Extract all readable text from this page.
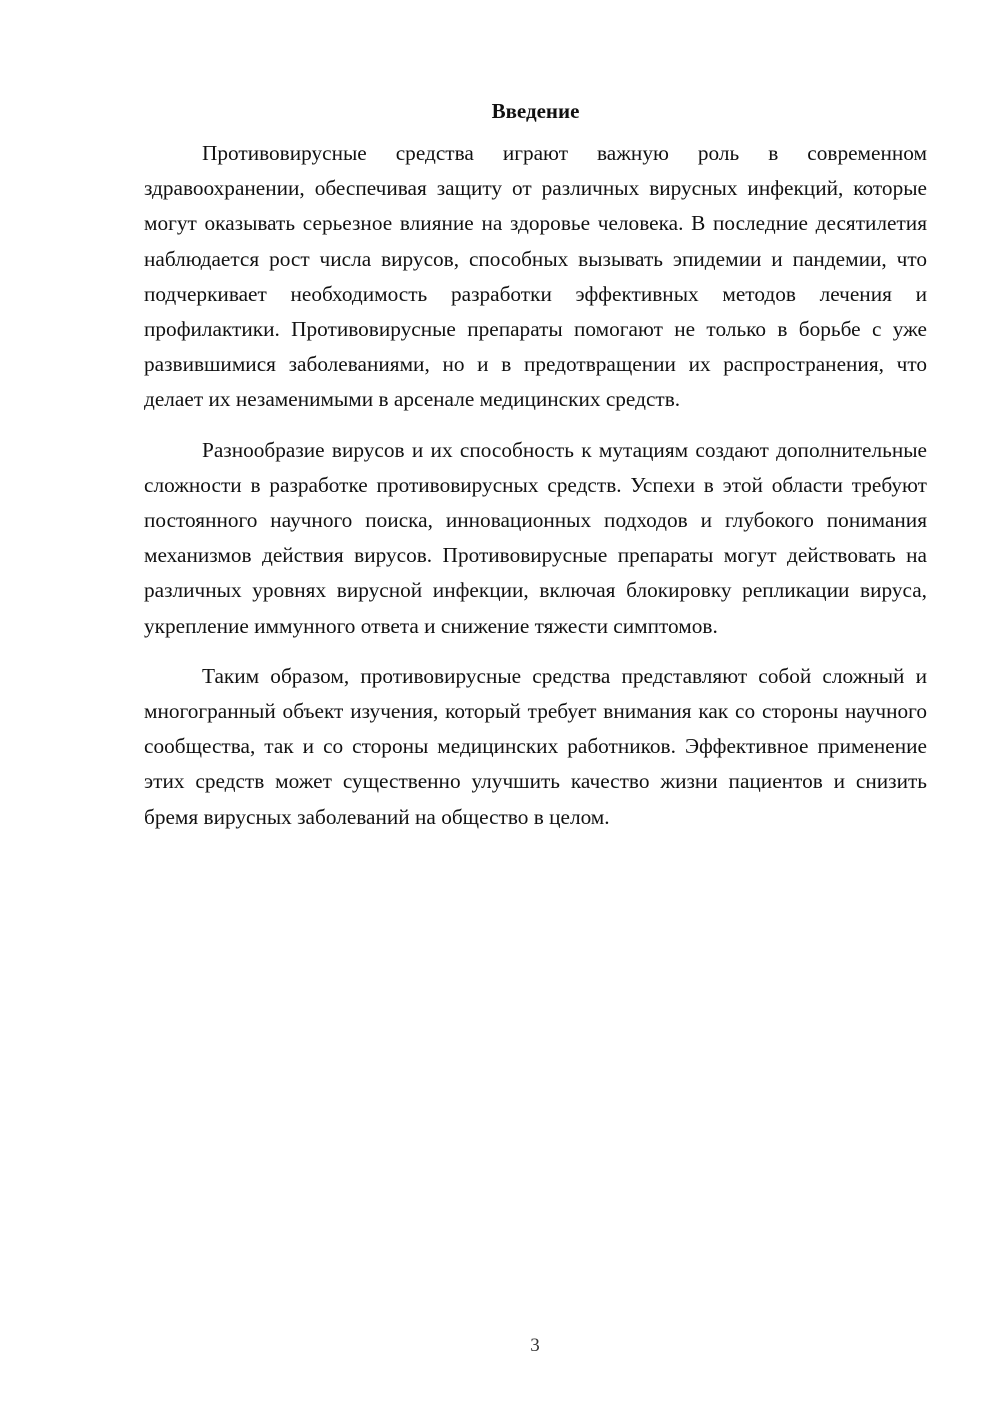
Введение

Противовирусные средства играют важную роль в современном здравоохранении, обеспечивая защиту от различных вирусных инфекций, которые могут оказывать серьезное влияние на здоровье человека. В последние десятилетия наблюдается рост числа вирусов, способных вызывать эпидемии и пандемии, что подчеркивает необходимость разработки эффективных методов лечения и профилактики. Противовирусные препараты помогают не только в борьбе с уже развившимися заболеваниями, но и в предотвращении их распространения, что делает их незаменимыми в арсенале медицинских средств.

Разнообразие вирусов и их способность к мутациям создают дополнительные сложности в разработке противовирусных средств. Успехи в этой области требуют постоянного научного поиска, инновационных подходов и глубокого понимания механизмов действия вирусов. Противовирусные препараты могут действовать на различных уровнях вирусной инфекции, включая блокировку репликации вируса, укрепление иммунного ответа и снижение тяжести симптомов.

Таким образом, противовирусные средства представляют собой сложный и многогранный объект изучения, который требует внимания как со стороны научного сообщества, так и со стороны медицинских работников. Эффективное применение этих средств может существенно улучшить качество жизни пациентов и снизить бремя вирусных заболеваний на общество в целом.

3
